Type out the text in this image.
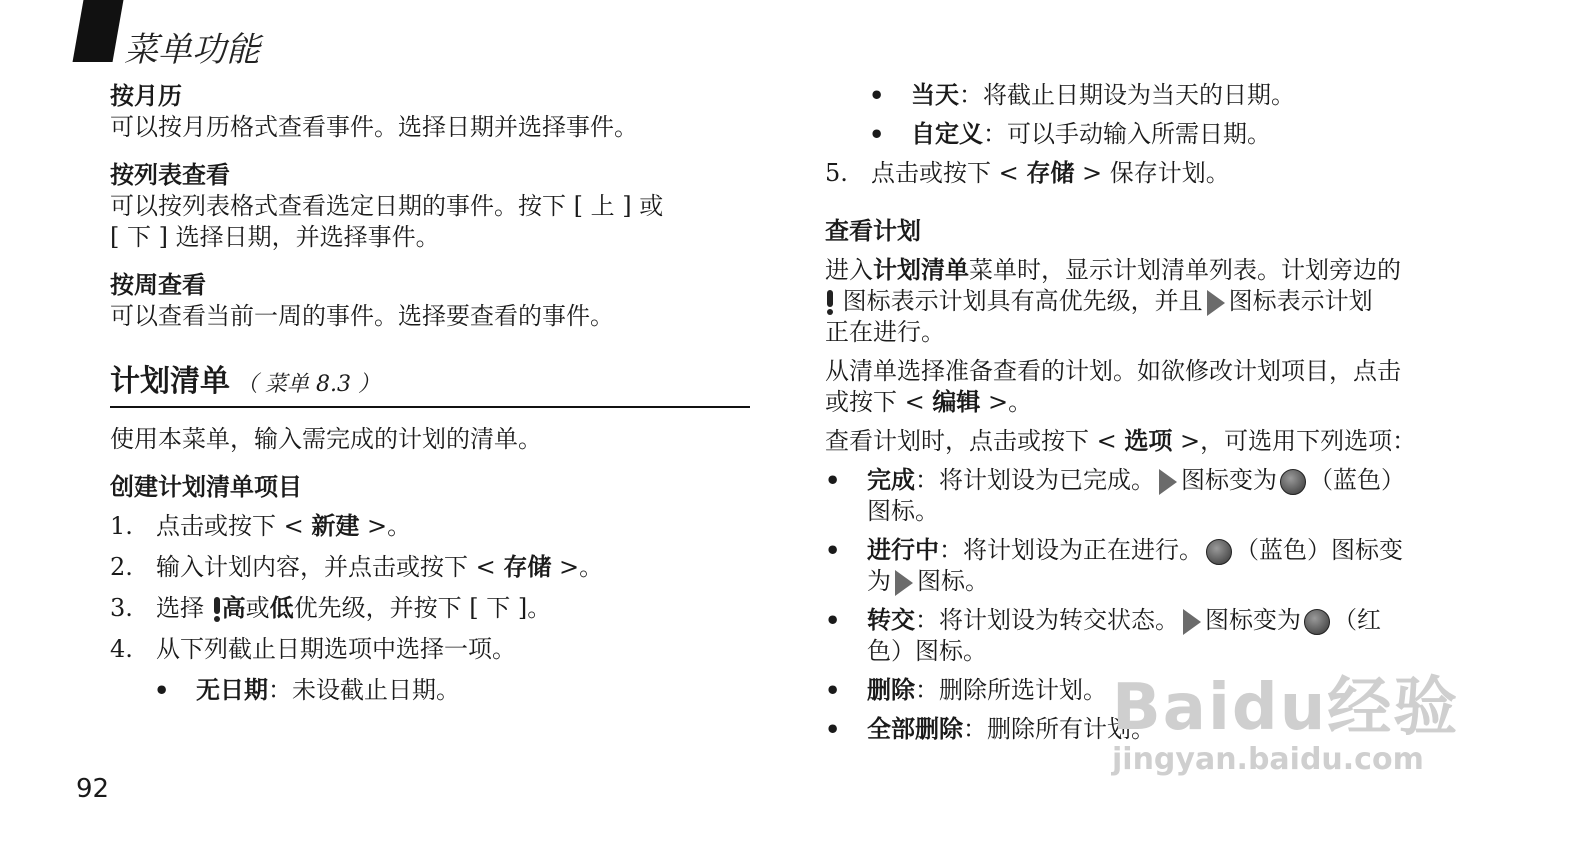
菜单功能

按月历

可以按月历格式查看事件。选择日期并选择事件。

按列表查看

可以按列表格式查看选定日期的事件。按下 [ 上 ] 或

[ 下 ] 选择日期，并选择事件。

按周查看

可以查看当前一周的事件。选择要查看的事件。

计划清单 （ 菜单 8.3 ）

使用本菜单，输入需完成的计划的清单。

创建计划清单项目

1. 点击或按下 < 新建 >。
2. 输入计划内容，并点击或按下 < 存储 >。
3. 选择 高或低优先级，并按下 [ 下 ]。
4. 从下列截止日期选项中选择一项。
•	无日期：未设截止日期。
•	当天：将截止日期设为当天的日期。
•	自定义：可以手动输入所需日期。
5. 点击或按下 < 存储 > 保存计划。

查看计划

进入计划清单菜单时，显示计划清单列表。计划旁边的
图标表示计划具有高优先级，并且 图标表示计划
正在进行。

从清单选择准备查看的计划。如欲修改计划项目，点击
或按下 < 编辑 >。

查看计划时，点击或按下 < 选项 >，可选用下列选项：

•	完成：将计划设为已完成。 图标变为 （蓝色）
图标。
•	进行中：将计划设为正在进行。 （蓝色）图标变
为 图标。
•	转交：将计划设为转交状态。 图标变为 （红
色）图标。
•	删除：删除所选计划。
•	全部删除：删除所有计划。
92
Baidu经验
jingyan.baidu.com
